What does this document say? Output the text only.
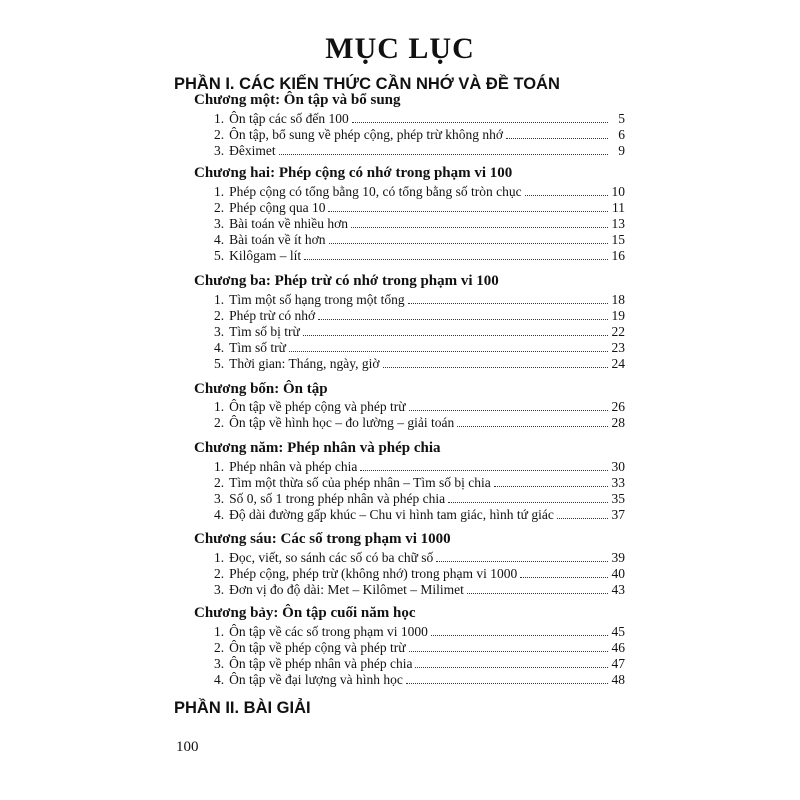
MỤC LỤC
PHẦN I. CÁC KIẾN THỨC CẦN NHỚ VÀ ĐỀ TOÁN
Chương một: Ôn tập và bổ sung
1. Ôn tập các số đến 100	5
2. Ôn tập, bổ sung về phép cộng, phép trừ không nhớ	6
3. Đêximet	9
Chương hai: Phép cộng có nhớ trong phạm vi 100
1. Phép cộng có tổng bằng 10, có tổng bằng số tròn chục	10
2. Phép cộng qua 10	11
3. Bài toán về nhiều hơn	13
4. Bài toán về ít hơn	15
5. Kilôgam – lít	16
Chương ba: Phép trừ có nhớ trong phạm vi 100
1. Tìm một số hạng trong một tổng	18
2. Phép trừ có nhớ	19
3. Tìm số bị trừ	22
4. Tìm số trừ	23
5. Thời gian: Tháng, ngày, giờ	24
Chương bốn: Ôn tập
1. Ôn tập về phép cộng và phép trừ	26
2. Ôn tập về hình học – đo lường – giải toán	28
Chương năm: Phép nhân và phép chia
1. Phép nhân và phép chia	30
2. Tìm một thừa số của phép nhân – Tìm số bị chia	33
3. Số 0, số 1 trong phép nhân và phép chia	35
4. Độ dài đường gấp khúc – Chu vi hình tam giác, hình tứ giác	37
Chương sáu: Các số trong phạm vi 1000
1. Đọc, viết, so sánh các số có ba chữ số	39
2. Phép cộng, phép trừ (không nhớ) trong phạm vi 1000	40
3. Đơn vị đo độ dài: Met – Kilômet – Milimet	43
Chương bảy: Ôn tập cuối năm học
1. Ôn tập về các số trong phạm vi 1000	45
2. Ôn tập về phép cộng và phép trừ	46
3. Ôn tập về phép nhân và phép chia	47
4. Ôn tập về đại lượng và hình học	48
PHẦN II. BÀI GIẢI
100
